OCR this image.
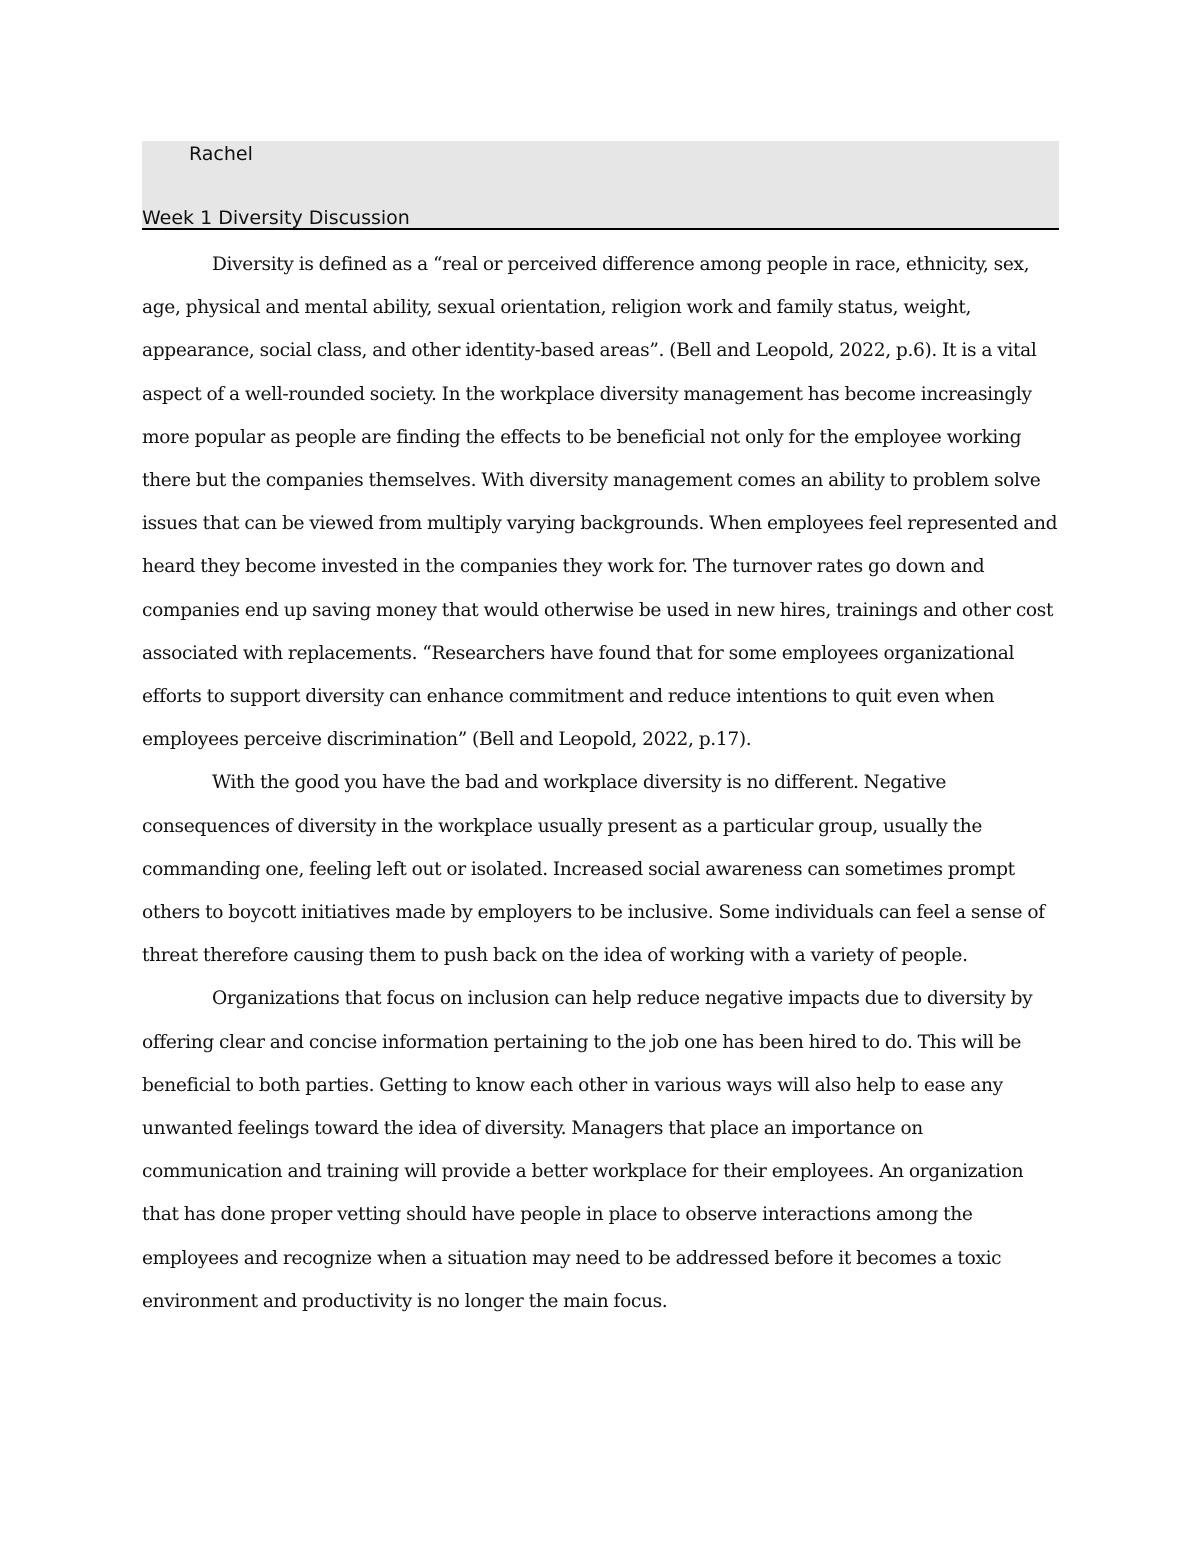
Rachel
Week 1 Diversity Discussion

Diversity is defined as a “real or perceived difference among people in race, ethnicity, sex, age, physical and mental ability, sexual orientation, religion work and family status, weight, appearance, social class, and other identity-based areas”. (Bell and Leopold, 2022, p.6). It is a vital aspect of a well-rounded society. In the workplace diversity management has become increasingly more popular as people are finding the effects to be beneficial not only for the employee working there but the companies themselves. With diversity management comes an ability to problem solve issues that can be viewed from multiply varying backgrounds. When employees feel represented and heard they become invested in the companies they work for. The turnover rates go down and companies end up saving money that would otherwise be used in new hires, trainings and other cost associated with replacements. “Researchers have found that for some employees organizational efforts to support diversity can enhance commitment and reduce intentions to quit even when employees perceive discrimination” (Bell and Leopold, 2022, p.17).

With the good you have the bad and workplace diversity is no different. Negative consequences of diversity in the workplace usually present as a particular group, usually the commanding one, feeling left out or isolated. Increased social awareness can sometimes prompt others to boycott initiatives made by employers to be inclusive. Some individuals can feel a sense of threat therefore causing them to push back on the idea of working with a variety of people.

Organizations that focus on inclusion can help reduce negative impacts due to diversity by offering clear and concise information pertaining to the job one has been hired to do. This will be beneficial to both parties. Getting to know each other in various ways will also help to ease any unwanted feelings toward the idea of diversity. Managers that place an importance on communication and training will provide a better workplace for their employees. An organization that has done proper vetting should have people in place to observe interactions among the employees and recognize when a situation may need to be addressed before it becomes a toxic environment and productivity is no longer the main focus.
